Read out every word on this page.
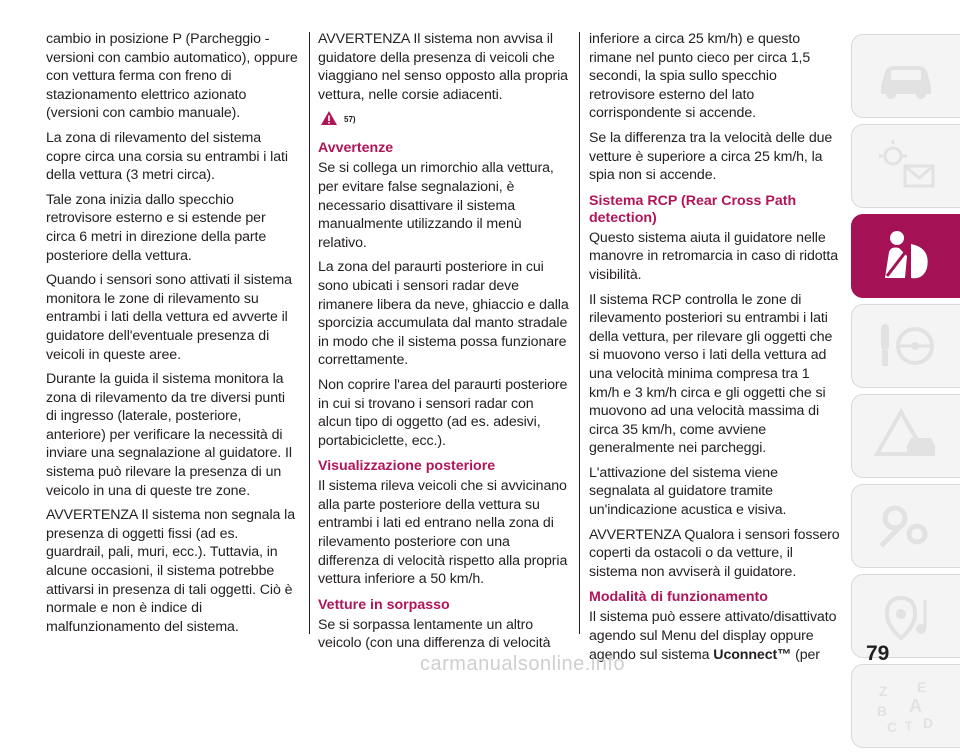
cambio in posizione P (Parcheggio - versioni con cambio automatico), oppure con vettura ferma con freno di stazionamento elettrico azionato (versioni con cambio manuale).

La zona di rilevamento del sistema copre circa una corsia su entrambi i lati della vettura (3 metri circa).

Tale zona inizia dallo specchio retrovisore esterno e si estende per circa 6 metri in direzione della parte posteriore della vettura.

Quando i sensori sono attivati il sistema monitora le zone di rilevamento su entrambi i lati della vettura ed avverte il guidatore dell'eventuale presenza di veicoli in queste aree.

Durante la guida il sistema monitora la zona di rilevamento da tre diversi punti di ingresso (laterale, posteriore, anteriore) per verificare la necessità di inviare una segnalazione al guidatore. Il sistema può rilevare la presenza di un veicolo in una di queste tre zone.

AVVERTENZA Il sistema non segnala la presenza di oggetti fissi (ad es. guardrail, pali, muri, ecc.). Tuttavia, in alcune occasioni, il sistema potrebbe attivarsi in presenza di tali oggetti. Ciò è normale e non è indice di malfunzionamento del sistema.

AVVERTENZA Il sistema non avvisa il guidatore della presenza di veicoli che viaggiano nel senso opposto alla propria vettura, nelle corsie adiacenti.

57)
Avvertenze

Se si collega un rimorchio alla vettura, per evitare false segnalazioni, è necessario disattivare il sistema manualmente utilizzando il menù relativo.

La zona del paraurti posteriore in cui sono ubicati i sensori radar deve rimanere libera da neve, ghiaccio e dalla sporcizia accumulata dal manto stradale in modo che il sistema possa funzionare correttamente.

Non coprire l'area del paraurti posteriore in cui si trovano i sensori radar con alcun tipo di oggetto (ad es. adesivi, portabiciclette, ecc.).

Visualizzazione posteriore

Il sistema rileva veicoli che si avvicinano alla parte posteriore della vettura su entrambi i lati ed entrano nella zona di rilevamento posteriore con una differenza di velocità rispetto alla propria vettura inferiore a 50 km/h.

Vetture in sorpasso

Se si sorpassa lentamente un altro veicolo (con una differenza di velocità

inferiore a circa 25 km/h) e questo rimane nel punto cieco per circa 1,5 secondi, la spia sullo specchio retrovisore esterno del lato corrispondente si accende.

Se la differenza tra la velocità delle due vetture è superiore a circa 25 km/h, la spia non si accende.

Sistema RCP (Rear Cross Path detection)

Questo sistema aiuta il guidatore nelle manovre in retromarcia in caso di ridotta visibilità.

Il sistema RCP controlla le zone di rilevamento posteriori su entrambi i lati della vettura, per rilevare gli oggetti che si muovono verso i lati della vettura ad una velocità minima compresa tra 1 km/h e 3 km/h circa e gli oggetti che si muovono ad una velocità massima di circa 35 km/h, come avviene generalmente nei parcheggi.

L'attivazione del sistema viene segnalata al guidatore tramite un'indicazione acustica e visiva.

AVVERTENZA Qualora i sensori fossero coperti da ostacoli o da vetture, il sistema non avviserà il guidatore.

Modalità di funzionamento

Il sistema può essere attivato/disattivato agendo sul Menu del display oppure agendo sul sistema Uconnect™ (per

Z E
B A
C T D
79
carmanualsonline.info
